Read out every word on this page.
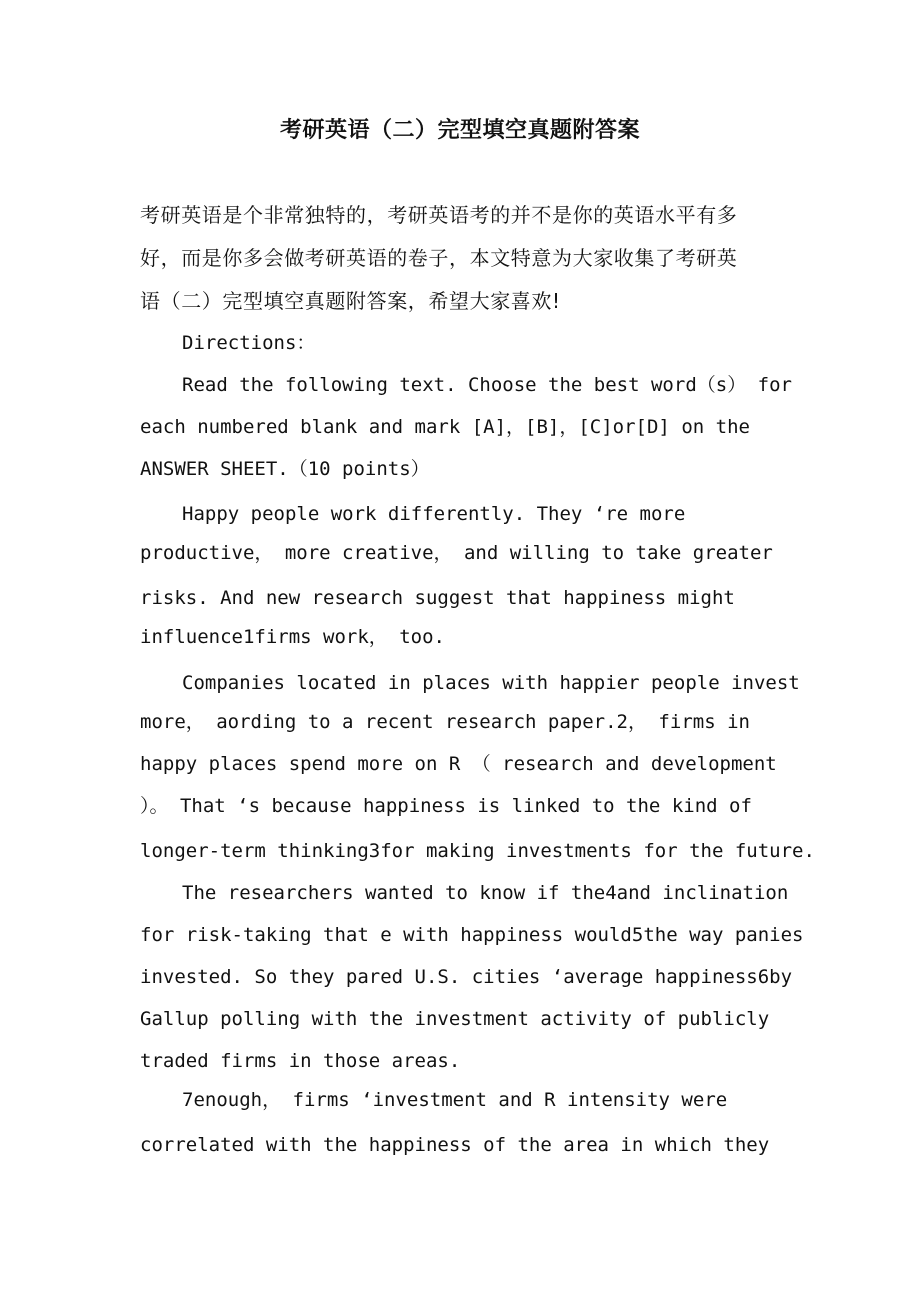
考研英语（二）完型填空真题附答案
考研英语是个非常独特的，考研英语考的并不是你的英语水平有多
好，而是你多会做考研英语的卷子，本文特意为大家收集了考研英
语（二）完型填空真题附答案，希望大家喜欢!
Directions：
Read the following text. Choose the best word（s） for
each numbered blank and mark [A]，[B]，[C]or[D] on the
ANSWER SHEET.（10 points）
Happy people work differently. They ‘re more
productive， more creative， and willing to take greater
risks. And new research suggest that happiness might
influence1firms work， too.
Companies located in places with happier people invest
more， aording to a recent research paper.2， firms in
happy places spend more on R （ research and development
）。 That ‘s because happiness is linked to the kind of
longer-term thinking3for making investments for the future.
The researchers wanted to know if the4and inclination
for risk-taking that e with happiness would5the way panies
invested. So they pared U.S. cities ‘average happiness6by
Gallup polling with the investment activity of publicly
traded firms in those areas.
7enough， firms ‘investment and R intensity were
correlated with the happiness of the area in which they
